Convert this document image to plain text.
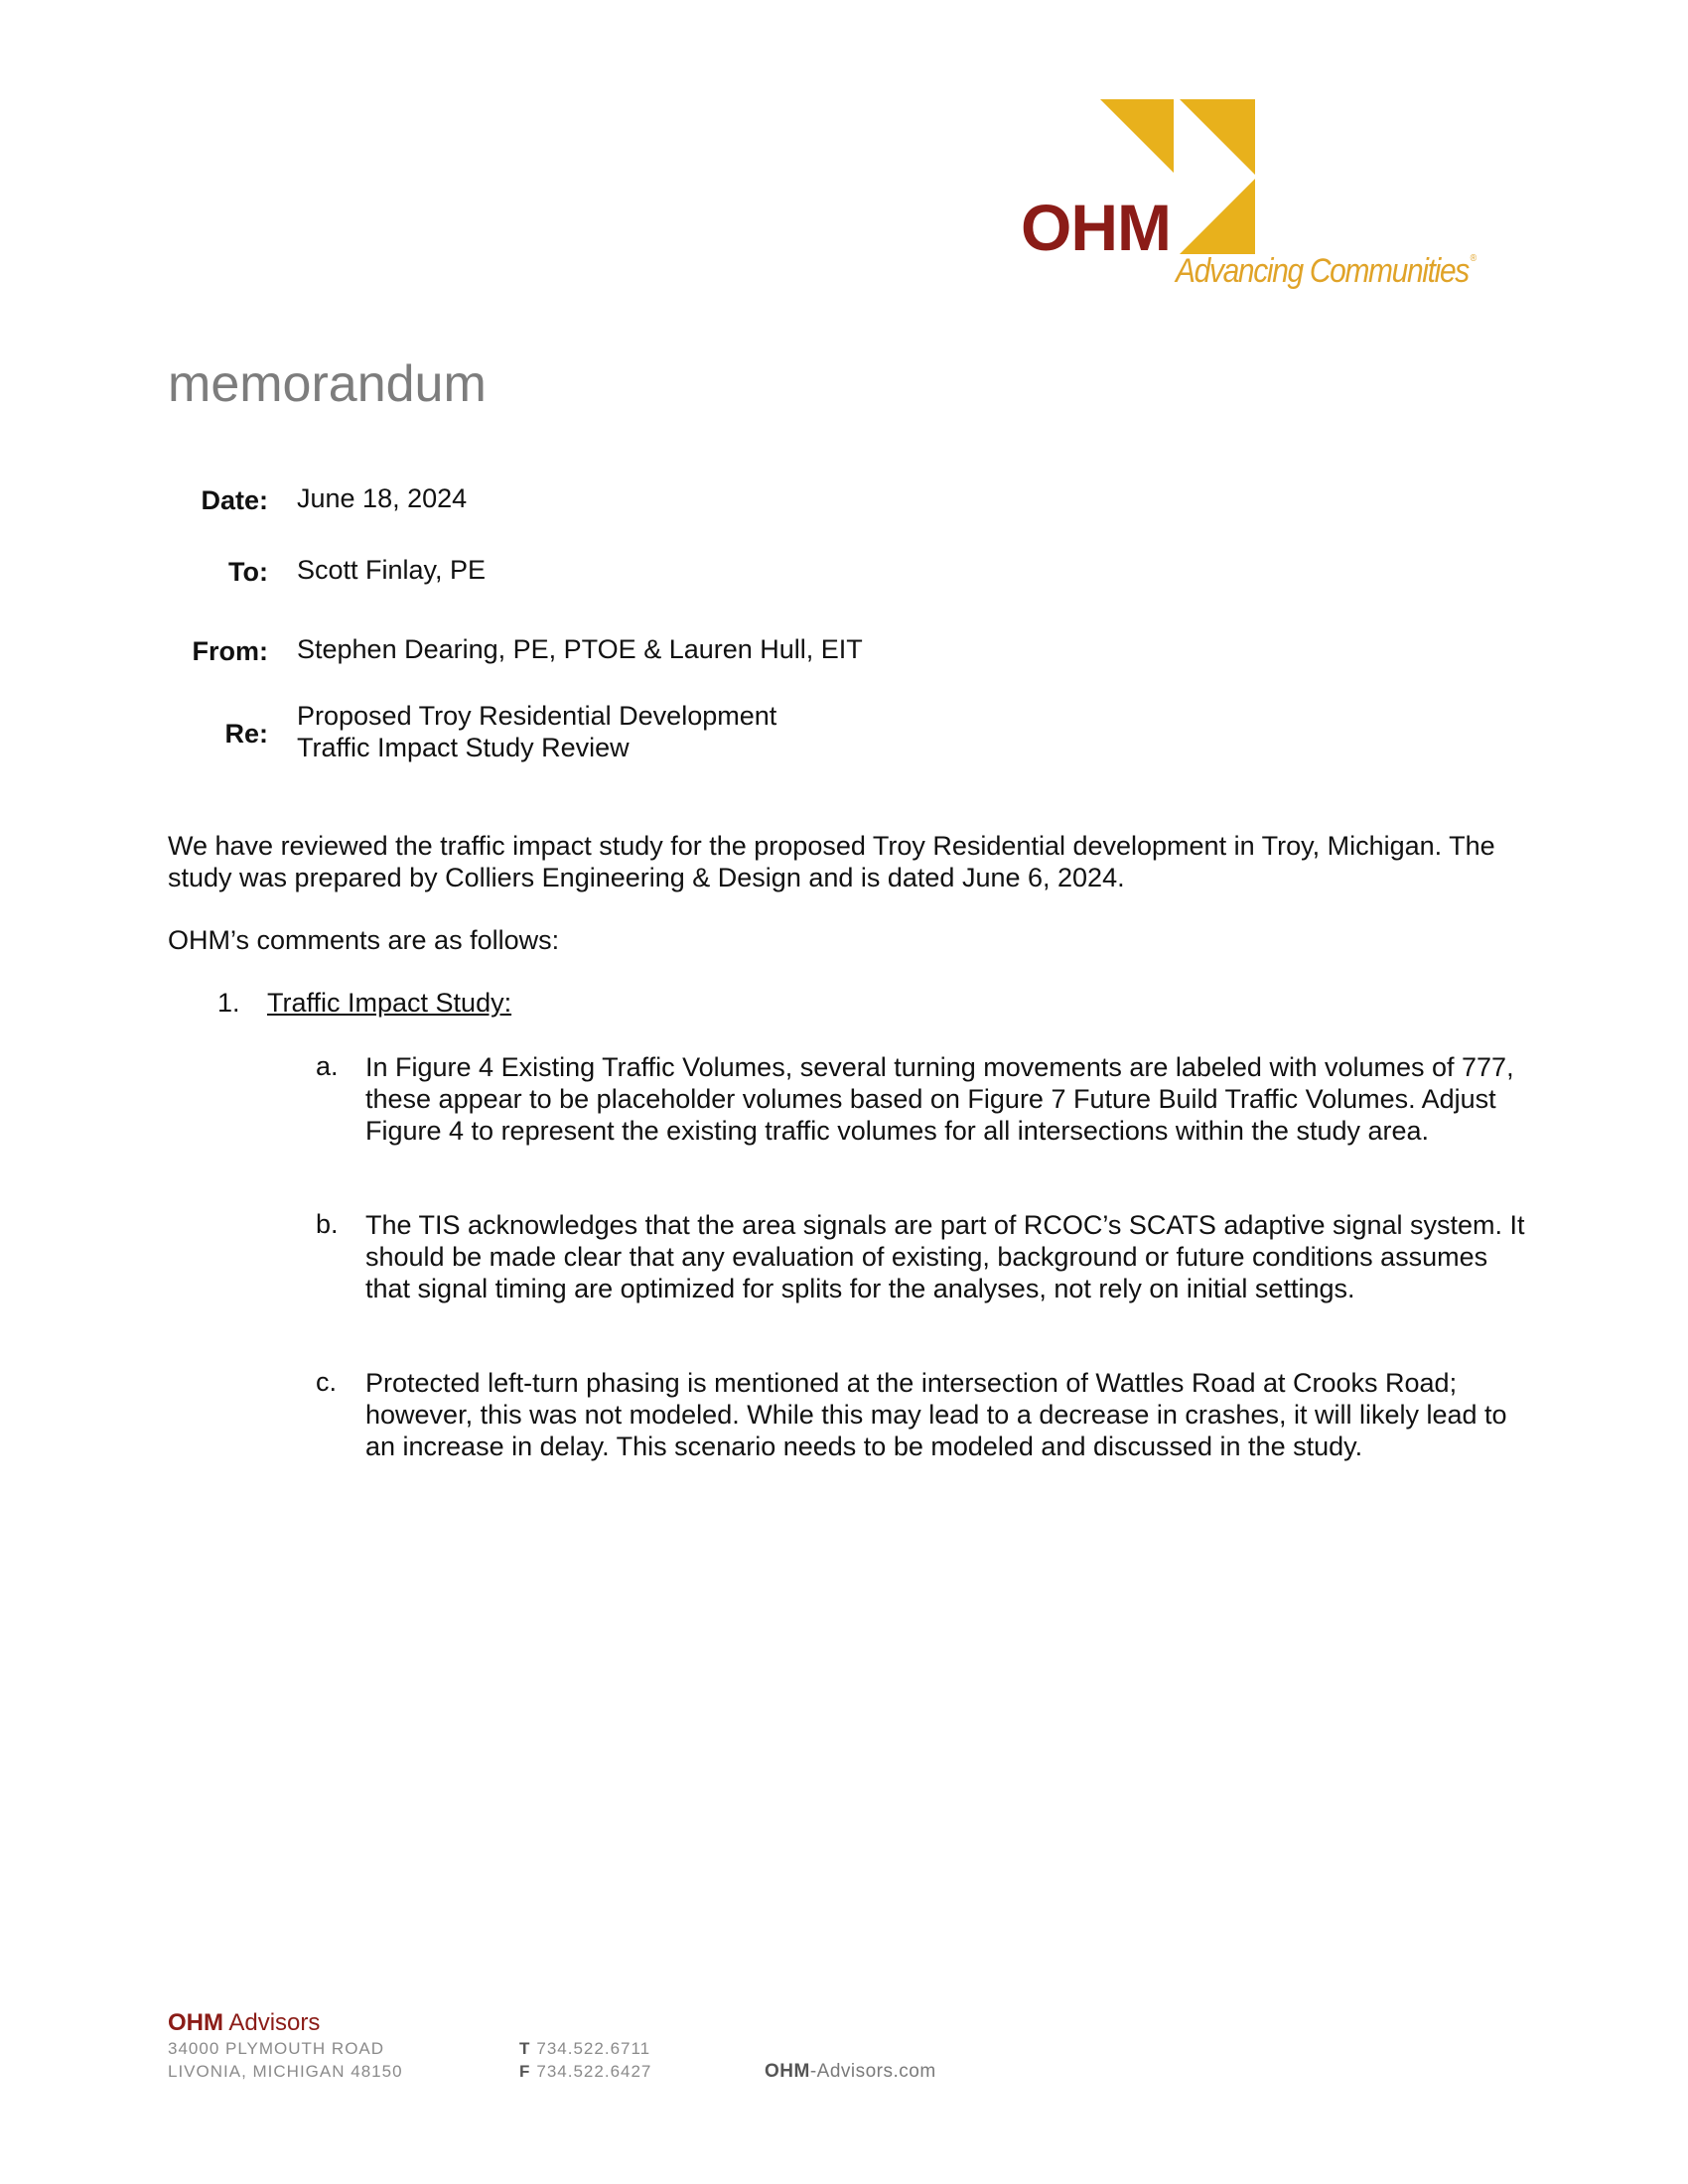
OHM
Advancing Communities ®
memorandum
Date: June 18, 2024
To: Scott Finlay, PE
From: Stephen Dearing, PE, PTOE & Lauren Hull, EIT
Re:
Proposed Troy Residential Development
Traffic Impact Study Review

We have reviewed the traffic impact study for the proposed Troy Residential development in Troy, Michigan. The study was prepared by Colliers Engineering & Design and is dated June 6, 2024.

OHM’s comments are as follows:

1. Traffic Impact Study:
a. In Figure 4 Existing Traffic Volumes, several turning movements are labeled with volumes of 777, these appear to be placeholder volumes based on Figure 7 Future Build Traffic Volumes. Adjust Figure 4 to represent the existing traffic volumes for all intersections within the study area.

b. The TIS acknowledges that the area signals are part of RCOC’s SCATS adaptive signal system. It should be made clear that any evaluation of existing, background or future conditions assumes that signal timing are optimized for splits for the analyses, not rely on initial settings.

c. Protected left-turn phasing is mentioned at the intersection of Wattles Road at Crooks Road; however, this was not modeled. While this may lead to a decrease in crashes, it will likely lead to an increase in delay. This scenario needs to be modeled and discussed in the study.

OHM Advisors
34000 PLYMOUTH ROAD
LIVONIA, MICHIGAN 48150
T 734.522.6711
F 734.522.6427	OHM-Advisors.com
